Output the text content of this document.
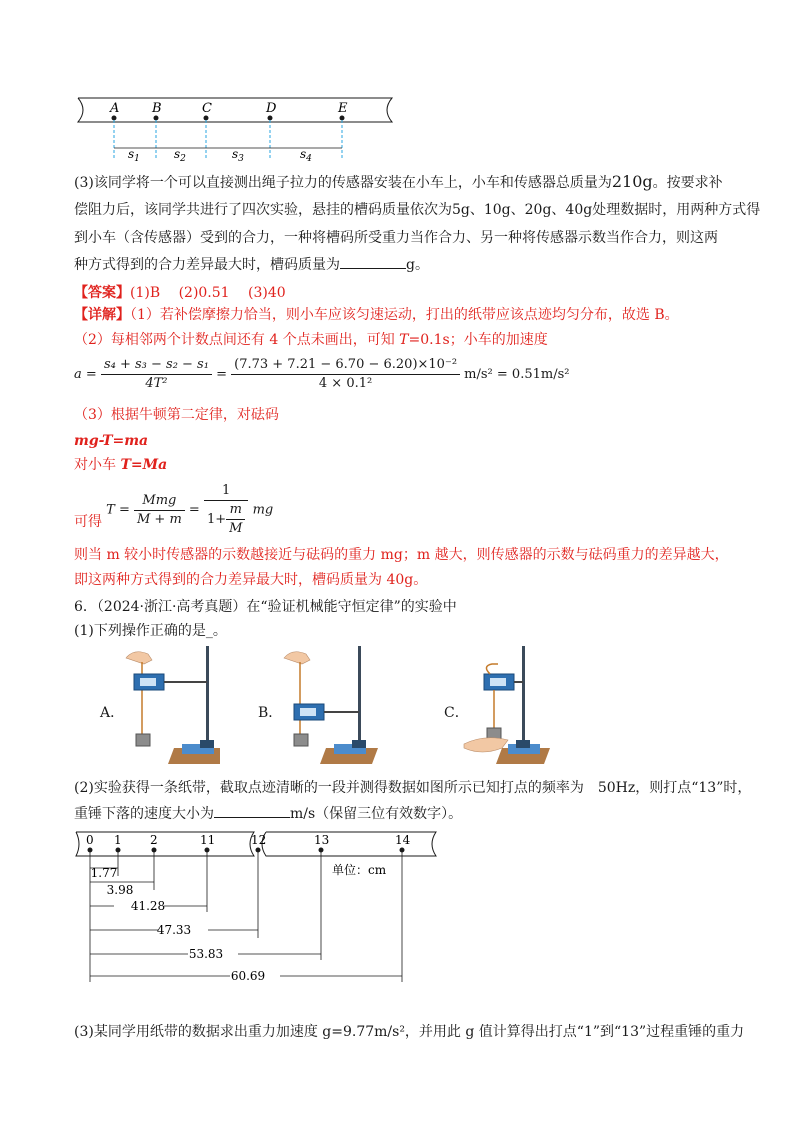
A	B	C	D	E
$s_1$	$s_2$	$s_3$	$s_4$
(3)该同学将一个可以直接测出绳子拉力的传感器安装在小车上，小车和传感器总质量为210g。按要求补
偿阻力后，该同学共进行了四次实验，悬挂的槽码质量依次为5g、10g、20g、40g处理数据时，用两种方式得
到小车（含传感器）受到的合力，一种将槽码所受重力当作合力、另一种将传感器示数当作合力，则这两
种方式得到的合力差异最大时，槽码质量为	g。
【答案】(1)B　 (2)0.51　 (3)40
【详解】（1）若补偿摩擦力恰当，则小车应该匀速运动，打出的纸带应该点迹均匀分布，故选 B。
（2）每相邻两个计数点间还有 4 个点未画出，可知 T=0.1s；小车的加速度
$a = \frac{\text{s₄ + s₃ − s₂ − s₁}}{\text{4T²}} = \frac{\text{(7.73 + 7.21 − 6.70 − 6.20)×10⁻²}}{\text{4 × 0.1²}} m/s^2 = 0.51m/s^2$
（3）根据牛顿第二定律，对砝码
mg-T=ma
对小车 T=Ma
可得 $T = \frac{\text{Mmg}}{M + m} = \frac{1}{1+ \frac{m}{M}}$ mg
则当 m 较小时传感器的示数越接近与砝码的重力 mg；m 越大，则传感器的示数与砝码重力的差异越大，
即这两种方式得到的合力差异最大时，槽码质量为 40g。
6．（2024·浙江·高考真题）在“验证机械能守恒定律”的实验中
(1)下列操作正确的是_。
A．	B．	C．
(2)实验获得一条纸带，截取点迹清晰的一段并测得数据如图所示已知打点的频率为　50Hz，则打点“13”时，
重锤下落的速度大小为	m/s（保留三位有效数字）。
0 1 2	11	12	13	14
单位：cm
1.77
3.98
41.28
47.33
53.83
60.69
(3)某同学用纸带的数据求出重力加速度 g=9.77m/s²，并用此 g 值计算得出打点“1”到“13”过程重锤的重力
